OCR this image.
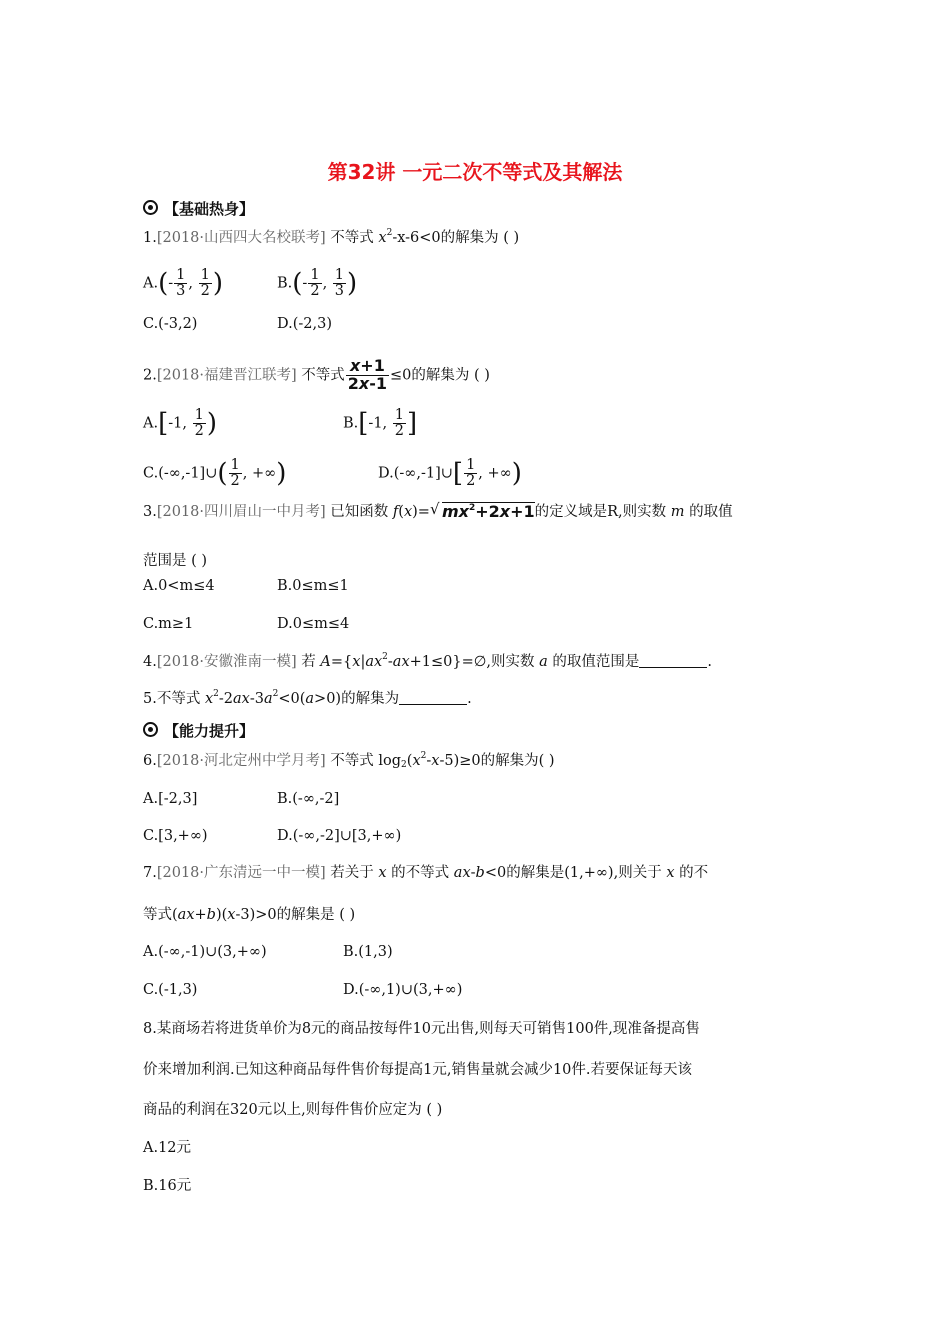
第32讲 一元二次不等式及其解法
【基础热身】
1.[2018·山西四大名校联考] 不等式 $x^2-x-6<0$的解集为 ( )
$A.(- \frac{1}{3}$ , $\frac{1}{2}$ )	$B.(- \frac{1}{2}$ , $\frac{1}{3}$ )
C.(-3,2)	D.(-2,3)
2.[2018·福建晋江联考] 不等式 $\frac{x+1}{2x-1} \le 0$的解集为 ( )
A.[-1, $\frac{1}{2}$ )	B.[-1, $\frac{1}{2}$ ]
C.(-∞,-1]∪( $\frac{1}{2}$ , +∞)	D.(-∞,-1]∪[ $\frac{1}{2}$ , +∞)
3.[2018·四川眉山一中月考] 已知函数 f(x)=
√ $mx^2+2x+1$ 的定义域是R,则实数 m 的取值
范围是 ( )
A.0<m≤4	B.0≤m≤1
C.m≥1	D.0≤m≤4
4.[2018·安徽淮南一模] 若 $A=\{x|ax^2-ax+1\le 0\}=\emptyset$,则实数 a 的取值范围是	.
5.不等式 $x^2-2ax-3a^2<0(a>0)$的解集为	.
【能力提升】
6.[2018·河北定州中学月考] 不等式 $\log_2(x^2-x-5)\ge 0$的解集为( )
A.[-2,3]	B.(-∞,-2]
C.[3,+∞)	D.(-∞,-2]∪[3,+∞)
7.[2018·广东清远一中一模] 若关于 x 的不等式 ax-b<0的解集是(1,+∞),则关于 x 的不
等式(ax+b)(x-3)>0的解集是 ( )
A.(-∞,-1)∪(3,+∞)	B.(1,3)
C.(-1,3)	D.(-∞,1)∪(3,+∞)
8.某商场若将进货单价为8元的商品按每件10元出售,则每天可销售100件,现准备提高售
价来增加利润.已知这种商品每件售价每提高1元,销售量就会减少10件.若要保证每天该
商品的利润在320元以上,则每件售价应定为 ( )
A.12元
B.16元
